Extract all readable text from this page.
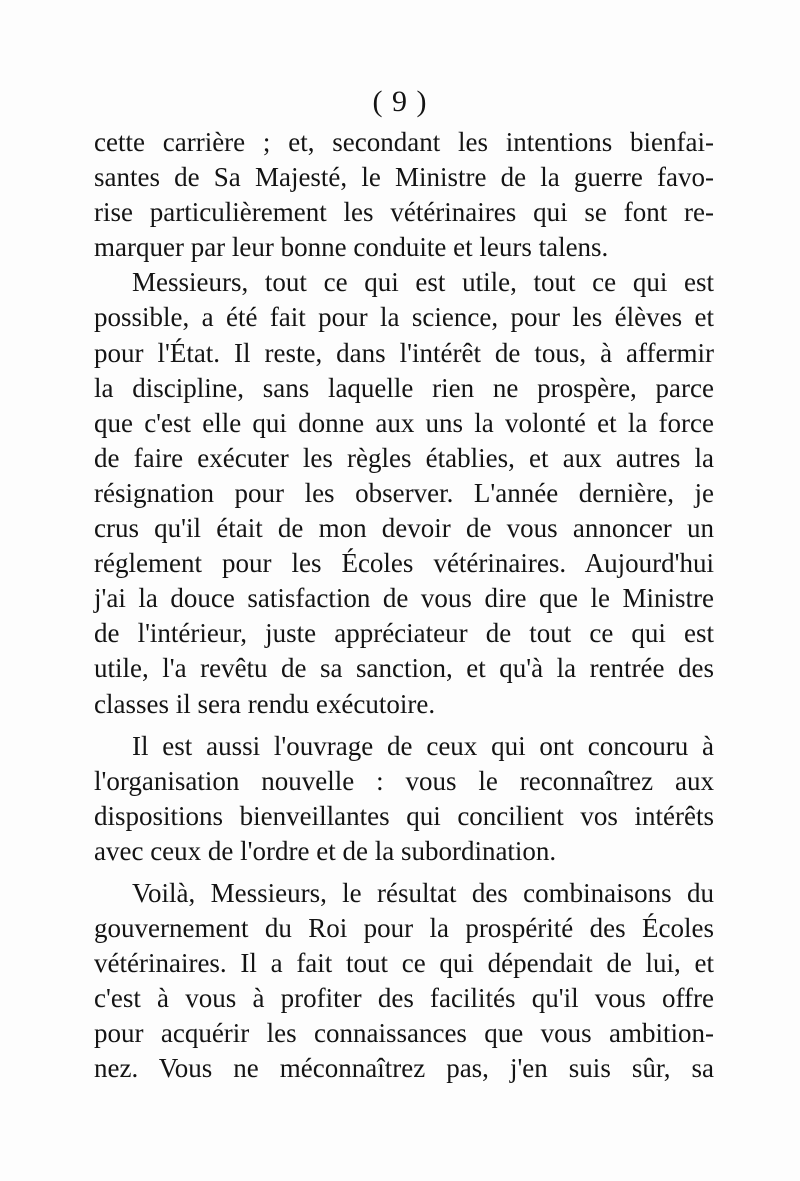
( 9 )
cette carrière ; et, secondant les intentions bienfai-
santes de Sa Majesté, le Ministre de la guerre favo-
rise particulièrement les vétérinaires qui se font re-
marquer par leur bonne conduite et leurs talens.
Messieurs, tout ce qui est utile, tout ce qui est
possible, a été fait pour la science, pour les élèves et
pour l'État. Il reste, dans l'intérêt de tous, à affermir
la discipline, sans laquelle rien ne prospère, parce
que c'est elle qui donne aux uns la volonté et la force
de faire exécuter les règles établies, et aux autres la
résignation pour les observer. L'année dernière, je
crus qu'il était de mon devoir de vous annoncer un
réglement pour les Écoles vétérinaires. Aujourd'hui
j'ai la douce satisfaction de vous dire que le Ministre
de l'intérieur, juste appréciateur de tout ce qui est
utile, l'a revêtu de sa sanction, et qu'à la rentrée des
classes il sera rendu exécutoire.
Il est aussi l'ouvrage de ceux qui ont concouru à
l'organisation nouvelle : vous le reconnaîtrez aux
dispositions bienveillantes qui concilient vos intérêts
avec ceux de l'ordre et de la subordination.
Voilà, Messieurs, le résultat des combinaisons du
gouvernement du Roi pour la prospérité des Écoles
vétérinaires. Il a fait tout ce qui dépendait de lui, et
c'est à vous à profiter des facilités qu'il vous offre
pour acquérir les connaissances que vous ambition-
nez. Vous ne méconnaîtrez pas, j'en suis sûr, sa
